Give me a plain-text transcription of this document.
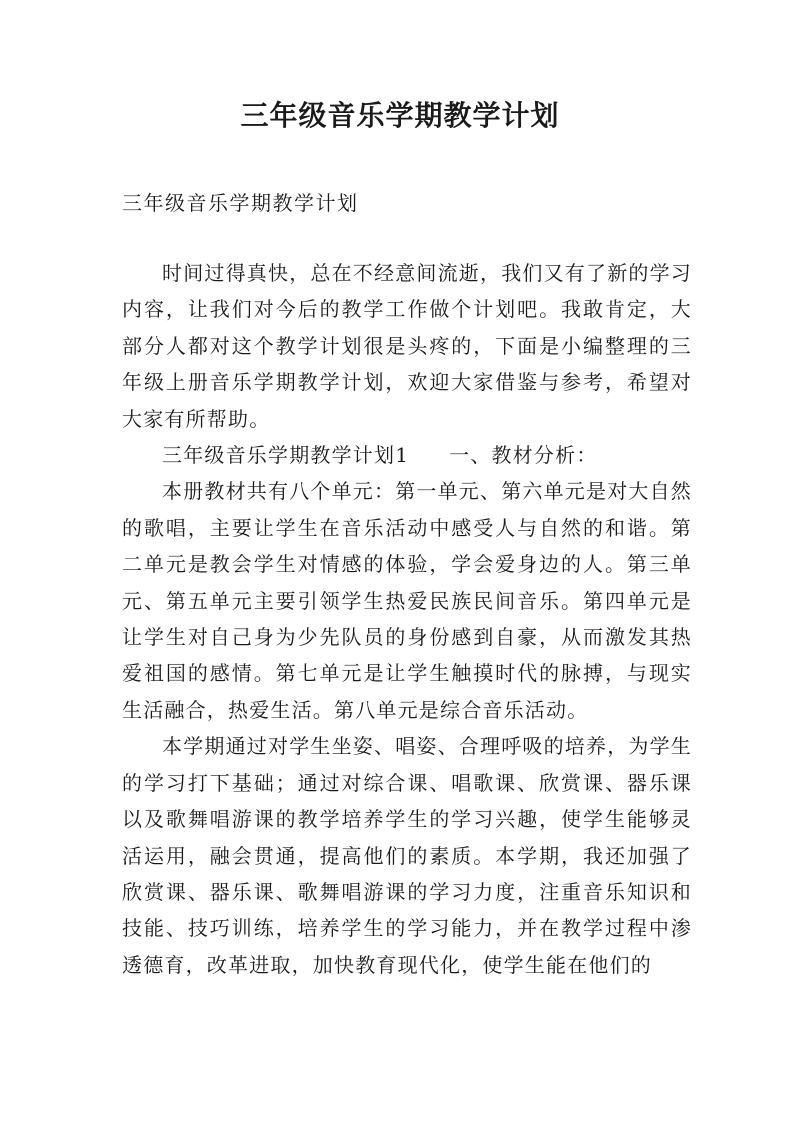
三年级音乐学期教学计划
三年级音乐学期教学计划

时间过得真快，总在不经意间流逝，我们又有了新的学习内容，让我们对今后的教学工作做个计划吧。我敢肯定，大部分人都对这个教学计划很是头疼的，下面是小编整理的三年级上册音乐学期教学计划，欢迎大家借鉴与参考，希望对大家有所帮助。

三年级音乐学期教学计划1 一、教材分析：

本册教材共有八个单元：第一单元、第六单元是对大自然的歌唱，主要让学生在音乐活动中感受人与自然的和谐。第二单元是教会学生对情感的体验，学会爱身边的人。第三单元、第五单元主要引领学生热爱民族民间音乐。第四单元是让学生对自己身为少先队员的身份感到自豪，从而激发其热爱祖国的感情。第七单元是让学生触摸时代的脉搏，与现实生活融合，热爱生活。第八单元是综合音乐活动。

本学期通过对学生坐姿、唱姿、合理呼吸的培养，为学生的学习打下基础；通过对综合课、唱歌课、欣赏课、器乐课以及歌舞唱游课的教学培养学生的学习兴趣，使学生能够灵活运用，融会贯通，提高他们的素质。本学期，我还加强了欣赏课、器乐课、歌舞唱游课的学习力度，注重音乐知识和技能、技巧训练，培养学生的学习能力，并在教学过程中渗透德育，改革进取，加快教育现代化，使学生能在他们的
